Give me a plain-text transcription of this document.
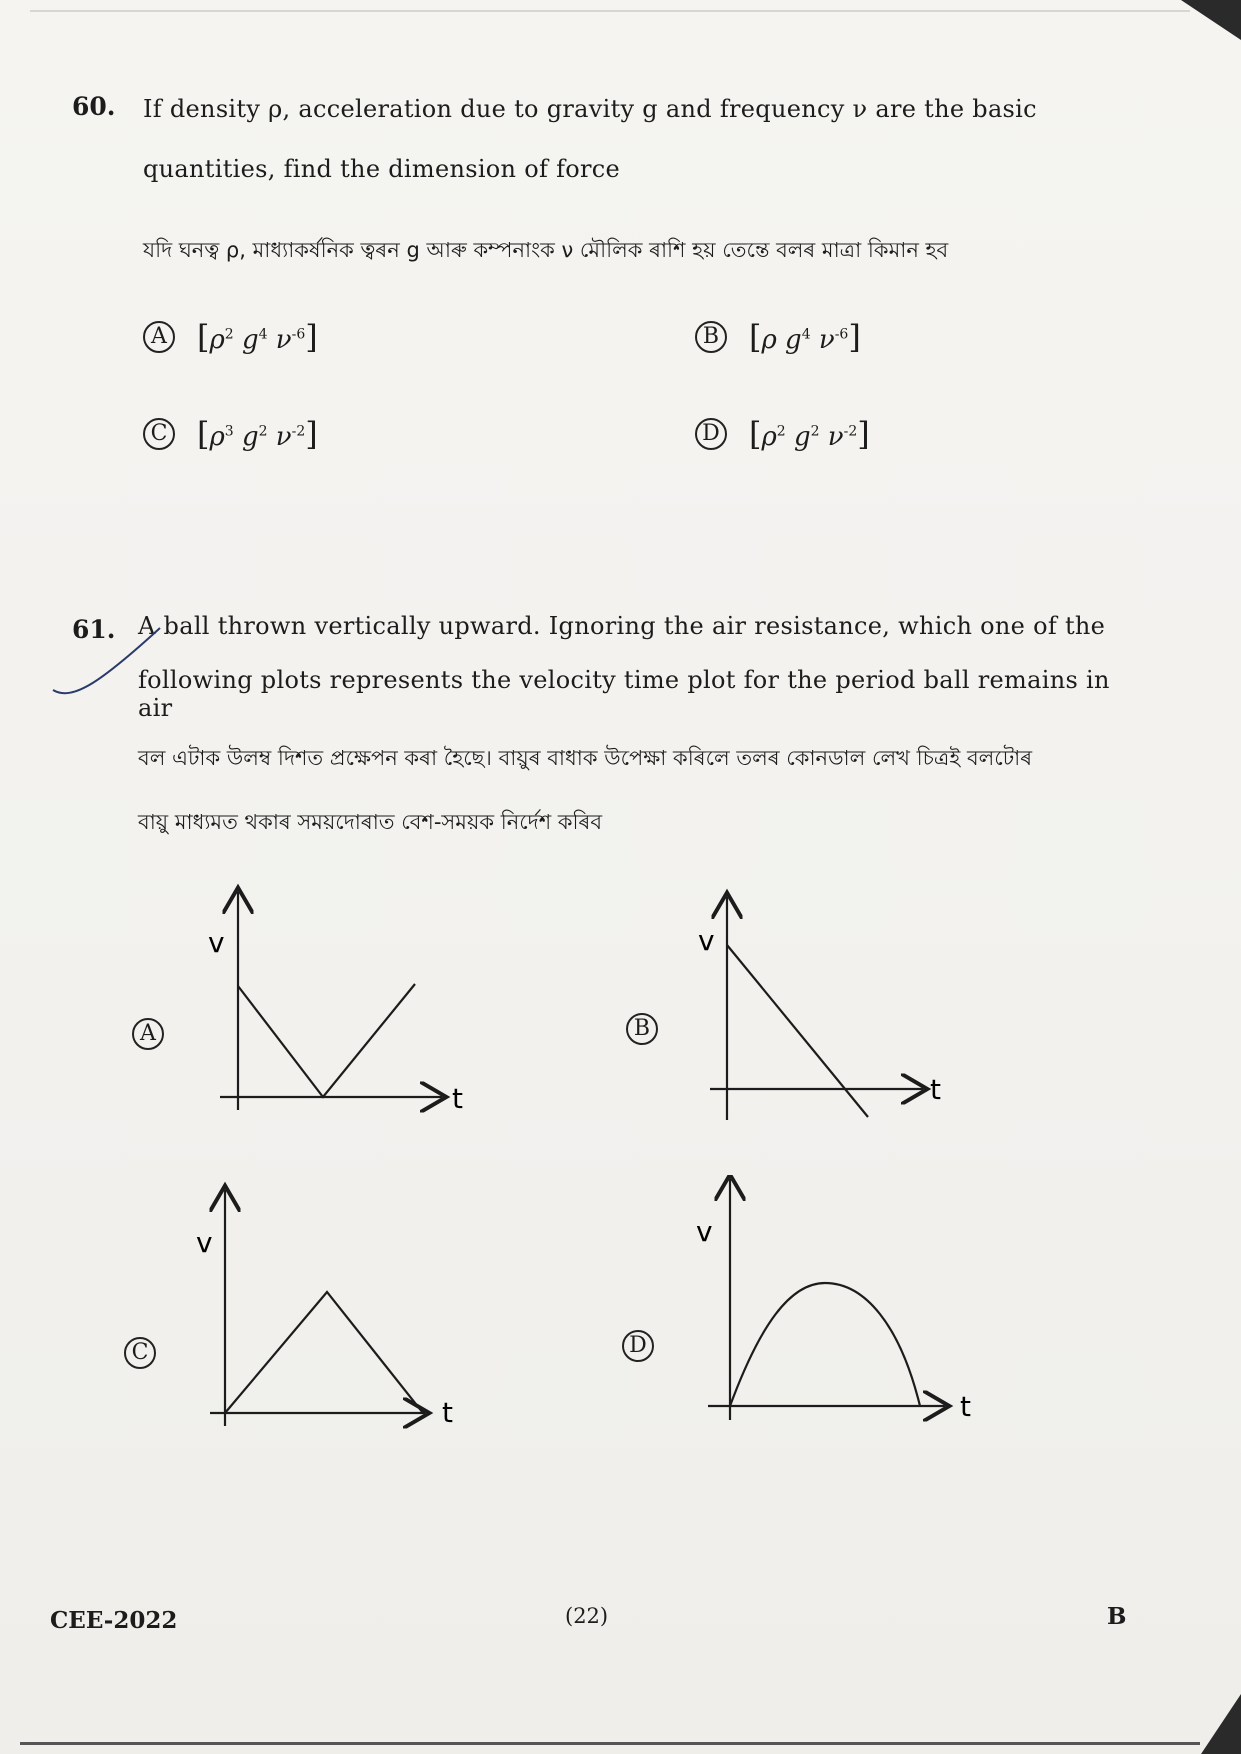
60. If density ρ, acceleration due to gravity g and frequency ν are the basic
quantities, find the dimension of force
যদি ঘনত্ব ρ, মাধ্যাকৰ্ষনিক ত্বৰন g আৰু কম্পনাংক ν মৌলিক ৰাশি হয় তেন্তে বলৰ মাত্ৰা কিমান হব
A [$\rho^2$ $g^4$ $\nu^{-6}$]	B [ρ $g^4$ $\nu^{-6}$]
C [$\rho^3$ $g^2$ $\nu^{-2}$]	D [$\rho^2$ $g^2$ $\nu^{-2}$]
61. A ball thrown vertically upward. Ignoring the air resistance, which one of the
following plots represents the velocity time plot for the period ball remains in air
বল এটাক উলম্ব দিশত প্ৰক্ষেপন কৰা হৈছে। বায়ুৰ বাধাক উপেক্ষা কৰিলে তলৰ কোনডাল লেখ চিত্ৰই বলটোৰ
বায়ু মাধ্যমত থকাৰ সময়দোৰাত বেশ-সময়ক নিৰ্দেশ কৰিব
A
v
t
B
v
t
C
v
t
D
v
t
CEE-2022	(22)	B
